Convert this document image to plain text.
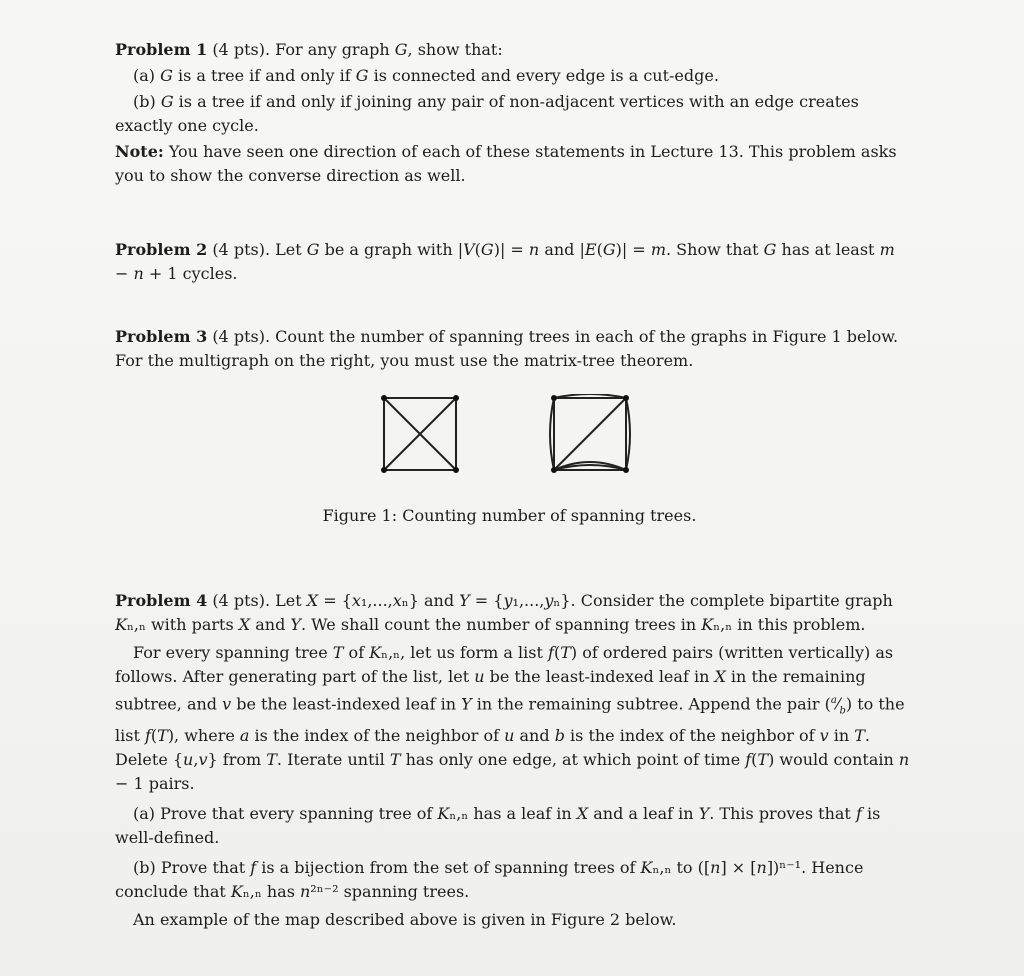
Problem 1 (4 pts). For any graph G, show that:
(a) G is a tree if and only if G is connected and every edge is a cut-edge.
(b) G is a tree if and only if joining any pair of non-adjacent vertices with an edge creates exactly one cycle.
Note: You have seen one direction of each of these statements in Lecture 13. This problem asks you to show the converse direction as well.
Problem 2 (4 pts). Let G be a graph with |V(G)| = n and |E(G)| = m. Show that G has at least m − n + 1 cycles.
Problem 3 (4 pts). Count the number of spanning trees in each of the graphs in Figure 1 below. For the multigraph on the right, you must use the matrix-tree theorem.
Figure 1: Counting number of spanning trees.
Problem 4 (4 pts). Let X = {x₁,...,xₙ} and Y = {y₁,...,yₙ}. Consider the complete bipartite graph Kₙ,ₙ with parts X and Y. We shall count the number of spanning trees in Kₙ,ₙ in this problem.
For every spanning tree T of Kₙ,ₙ, let us form a list f(T) of ordered pairs (written vertically) as follows. After generating part of the list, let u be the least-indexed leaf in X in the remaining subtree, and v be the least-indexed leaf in Y in the remaining subtree. Append the pair $(^a⁄_b)$ to the list f(T), where a is the index of the neighbor of u and b is the index of the neighbor of v in T. Delete {u,v} from T. Iterate until T has only one edge, at which point of time f(T) would contain n − 1 pairs.
(a) Prove that every spanning tree of Kₙ,ₙ has a leaf in X and a leaf in Y. This proves that f is well-defined.
(b) Prove that f is a bijection from the set of spanning trees of Kₙ,ₙ to ([n] × [n])ⁿ⁻¹. Hence conclude that Kₙ,ₙ has n²ⁿ⁻² spanning trees.
An example of the map described above is given in Figure 2 below.
